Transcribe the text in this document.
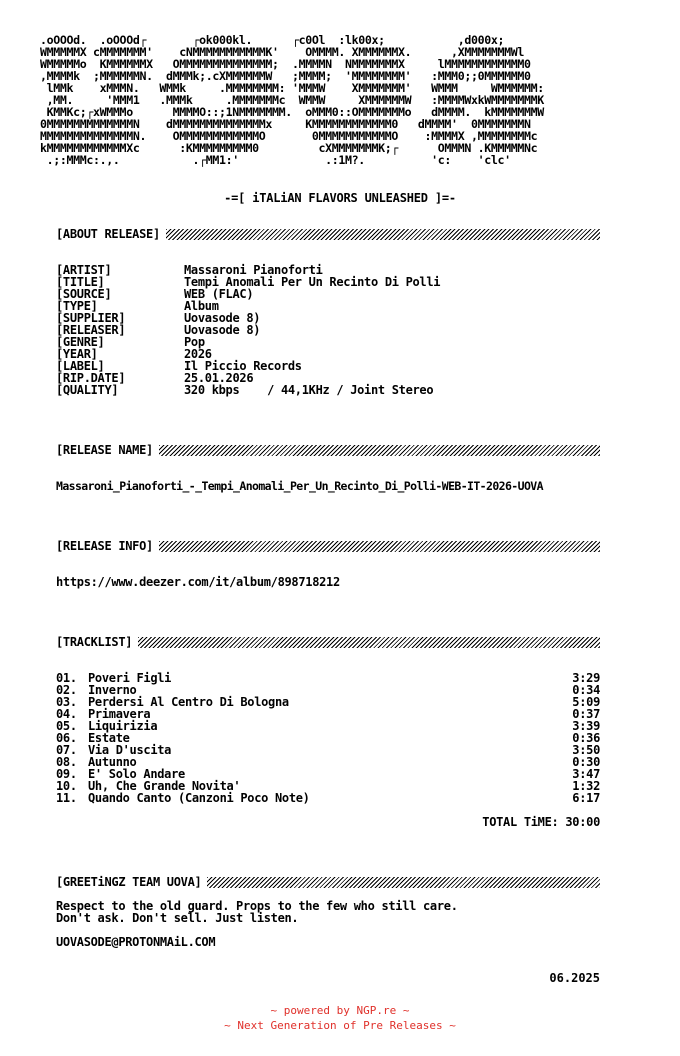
.oOOOd.  .oOOOd┌       ┌ok000kl.      ┌c0Ol  :lk00x;           ,d000x;
WMMMMMX cMMMMMMM'    cNMMMMMMMMMMMK'    OMMMM. XMMMMMMX.      ,XMMMMMMMWl
WMMMMMo  KMMMMMMX   OMMMMMMMMMMMMMM;  .MMMMN  NMMMMMMMX     lMMMMMMMMMMMM0
,MMMMk  ;MMMMMMN.  dMMMk;.cXMMMMMMW   ;MMMM;  'MMMMMMMM'   :MMM0;;0MMMMMM0
lMMk    xMMMN.   WMMk     .MMMMMMMM: 'MMMW    XMMMMMMM'   WMMM     WMMMMMM:
,MM.     'MMM1   .MMMk     .MMMMMMMc  WMMW     XMMMMMMW   :MMMMWxkWMMMMMMMK
KMMKc;┌xWMMMo      MMMMO::;1NMMMMMMM.  oMMM0::OMMMMMMMo   dMMMM.  kMMMMMMMW
0MMMMMMMMMMMMMN    dMMMMMMMMMMMMMMx     KMMMMMMMMMMMM0   dMMMM'  0MMMMMMMN
MMMMMMMMMMMMMMN.    OMMMMMMMMMMMMO       0MMMMMMMMMMMO    :MMMMX ,MMMMMMMMc
kMMMMMMMMMMMMXc      :KMMMMMMMMM0         cXMMMMMMMK;┌      OMMMN .KMMMMMNc
.;:MMMc:.,.           .┌MM1:'             .:1M?.          'c:    'clc'
-=[ iTALiAN FLAVORS UNLEASHED ]=-
[ABOUT RELEASE]
[ARTIST]	Massaroni Pianoforti
[TITLE]	Tempi Anomali Per Un Recinto Di Polli
[SOURCE]	WEB (FLAC)
[TYPE]	Album
[SUPPLIER]	Uovasode 8)
[RELEASER]	Uovasode 8)
[GENRE]	Pop
[YEAR]	2026
[LABEL]	Il Piccio Records
[RIP.DATE]	25.01.2026
[QUALITY]	320 kbps    / 44,1KHz / Joint Stereo
[RELEASE NAME]
Massaroni_Pianoforti_-_Tempi_Anomali_Per_Un_Recinto_Di_Polli-WEB-IT-2026-UOVA
[RELEASE INFO]
https://www.deezer.com/it/album/898718212
[TRACKLIST]
01. Poveri Figli	3:29
02. Inverno	0:34
03. Perdersi Al Centro Di Bologna	5:09
04. Primavera	0:37
05. Liquirizia	3:39
06. Estate	0:36
07. Via D'uscita	3:50
08. Autunno	0:30
09. E' Solo Andare	3:47
10. Uh, Che Grande Novita'	1:32
11. Quando Canto (Canzoni Poco Note)	6:17
TOTAL TiME: 30:00
[GREETiNGZ TEAM UOVA]
Respect to the old guard. Props to the few who still care.
Don't ask. Don't sell. Just listen.
UOVASODE@PROTONMAiL.COM
06.2025
~ powered by NGP.re ~
~ Next Generation of Pre Releases ~
